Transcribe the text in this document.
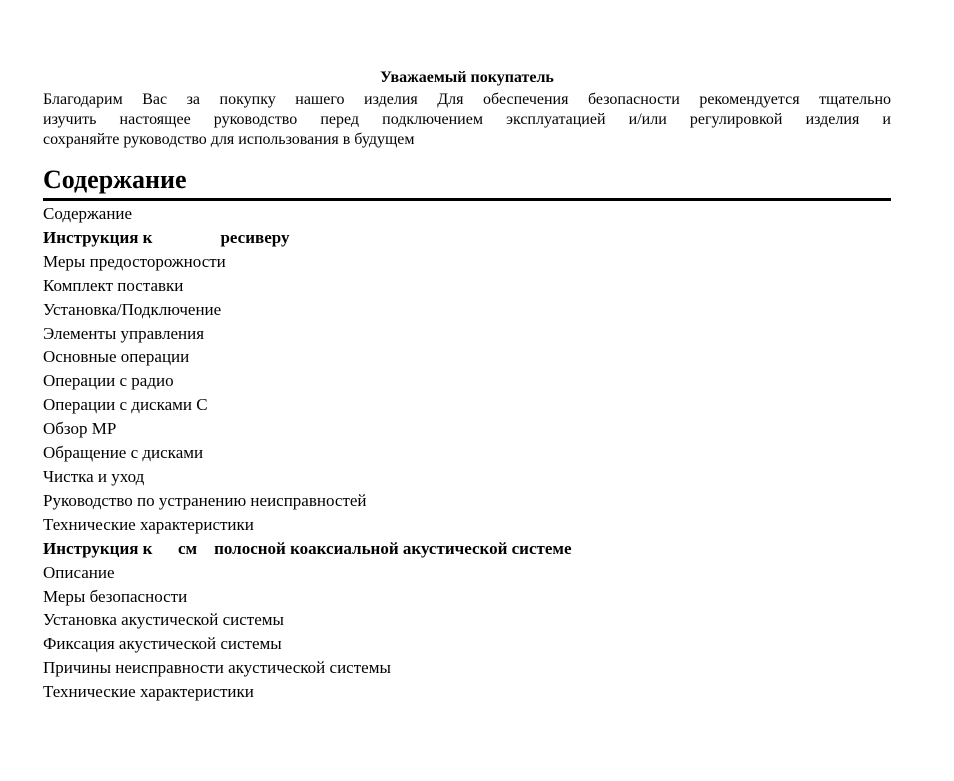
Уважаемый покупатель
Благодарим Вас за покупку нашего изделия Для обеспечения безопасности рекомендуется тщательно
изучить настоящее руководство перед подключением эксплуатацией и/или регулировкой изделия и
сохраняйте руководство для использования в будущем
Содержание
Содержание
Инструкция к                ресиверу
Меры предосторожности
Комплект поставки
Установка/Подключение
Элементы управления
Основные операции
Операции с радио
Операции с дисками С
Обзор МР
Обращение с дисками
Чистка и уход
Руководство по устранению неисправностей
Технические характеристики
Инструкция к      см    полосной коаксиальной акустической системе
Описание
Меры безопасности
Установка акустической системы
Фиксация акустической системы
Причины неисправности акустической системы
Технические характеристики
